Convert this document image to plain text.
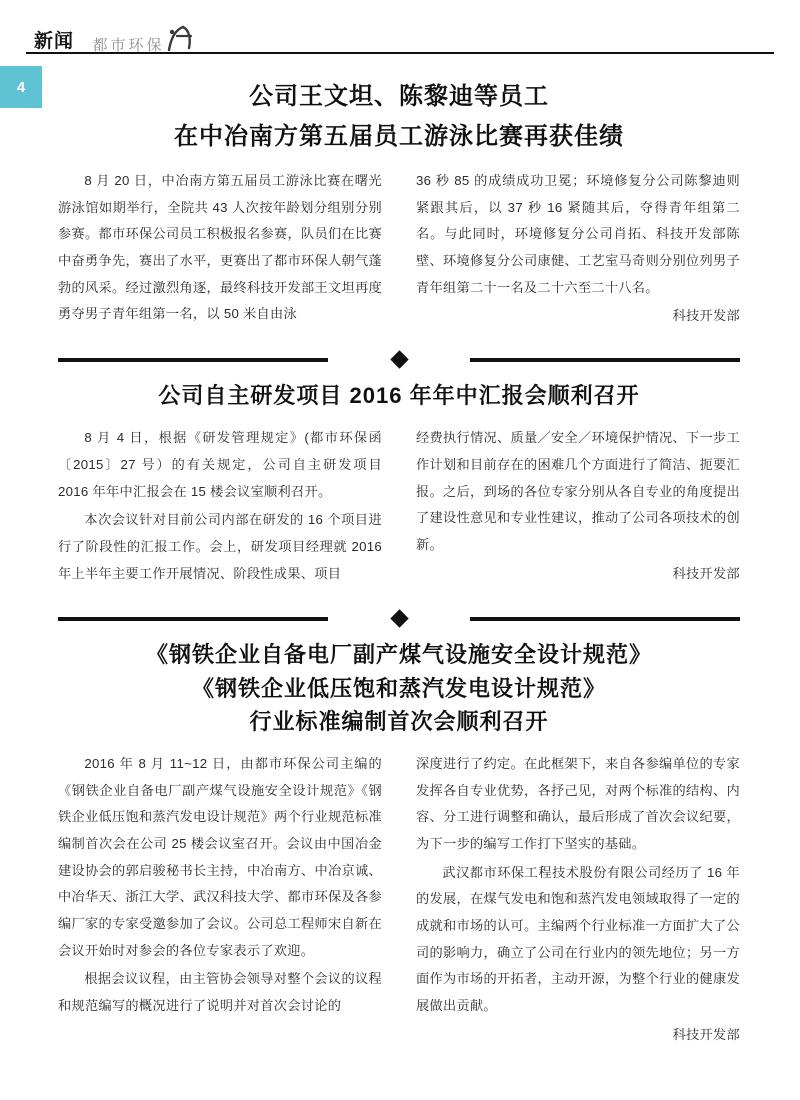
新闻 都市环保
4	公司王文坦、陈黎迪等员工
在中冶南方第五届员工游泳比赛再获佳绩

8 月 20 日，中冶南方第五届员工游泳比赛在曙光游泳馆如期举行，全院共 43 人次按年龄划分组别分别参赛。都市环保公司员工积极报名参赛，队员们在比赛中奋勇争先，赛出了水平，更赛出了都市环保人朝气蓬勃的风采。经过激烈角逐，最终科技开发部王文坦再度勇夺男子青年组第一名，以 50 米自由泳

36 秒 85 的成绩成功卫冕；环境修复分公司陈黎迪则紧跟其后，以 37 秒 16 紧随其后，夺得青年组第二名。与此同时，环境修复分公司肖拓、科技开发部陈壁、环境修复分公司康健、工艺室马奇则分别位列男子青年组第二十一名及二十六至二十八名。

科技开发部
公司自主研发项目 2016 年年中汇报会顺利召开

8 月 4 日，根据《研发管理规定》(都市环保函〔2015〕27 号）的有关规定，公司自主研发项目 2016 年年中汇报会在 15 楼会议室顺利召开。

本次会议针对目前公司内部在研发的 16 个项目进行了阶段性的汇报工作。会上，研发项目经理就 2016 年上半年主要工作开展情况、阶段性成果、项目

经费执行情况、质量／安全／环境保护情况、下一步工作计划和目前存在的困难几个方面进行了简洁、扼要汇报。之后，到场的各位专家分别从各自专业的角度提出了建设性意见和专业性建议，推动了公司各项技术的创新。

科技开发部
《钢铁企业自备电厂副产煤气设施安全设计规范》
《钢铁企业低压饱和蒸汽发电设计规范》
行业标准编制首次会顺利召开

2016 年 8 月 11~12 日，由都市环保公司主编的《钢铁企业自备电厂副产煤气设施安全设计规范》《钢铁企业低压饱和蒸汽发电设计规范》两个行业规范标准编制首次会在公司 25 楼会议室召开。会议由中国冶金建设协会的郭启骏秘书长主持，中冶南方、中冶京诚、中冶华天、浙江大学、武汉科技大学、都市环保及各参编厂家的专家受邀参加了会议。公司总工程师宋自新在会议开始时对参会的各位专家表示了欢迎。

根据会议议程，由主管协会领导对整个会议的议程和规范编写的概况进行了说明并对首次会讨论的

深度进行了约定。在此框架下，来自各参编单位的专家发挥各自专业优势，各抒己见，对两个标准的结构、内容、分工进行调整和确认，最后形成了首次会议纪要，为下一步的编写工作打下坚实的基础。

武汉都市环保工程技术股份有限公司经历了 16 年的发展，在煤气发电和饱和蒸汽发电领域取得了一定的成就和市场的认可。主编两个行业标准一方面扩大了公司的影响力，确立了公司在行业内的领先地位；另一方面作为市场的开拓者，主动开源，为整个行业的健康发展做出贡献。

科技开发部
